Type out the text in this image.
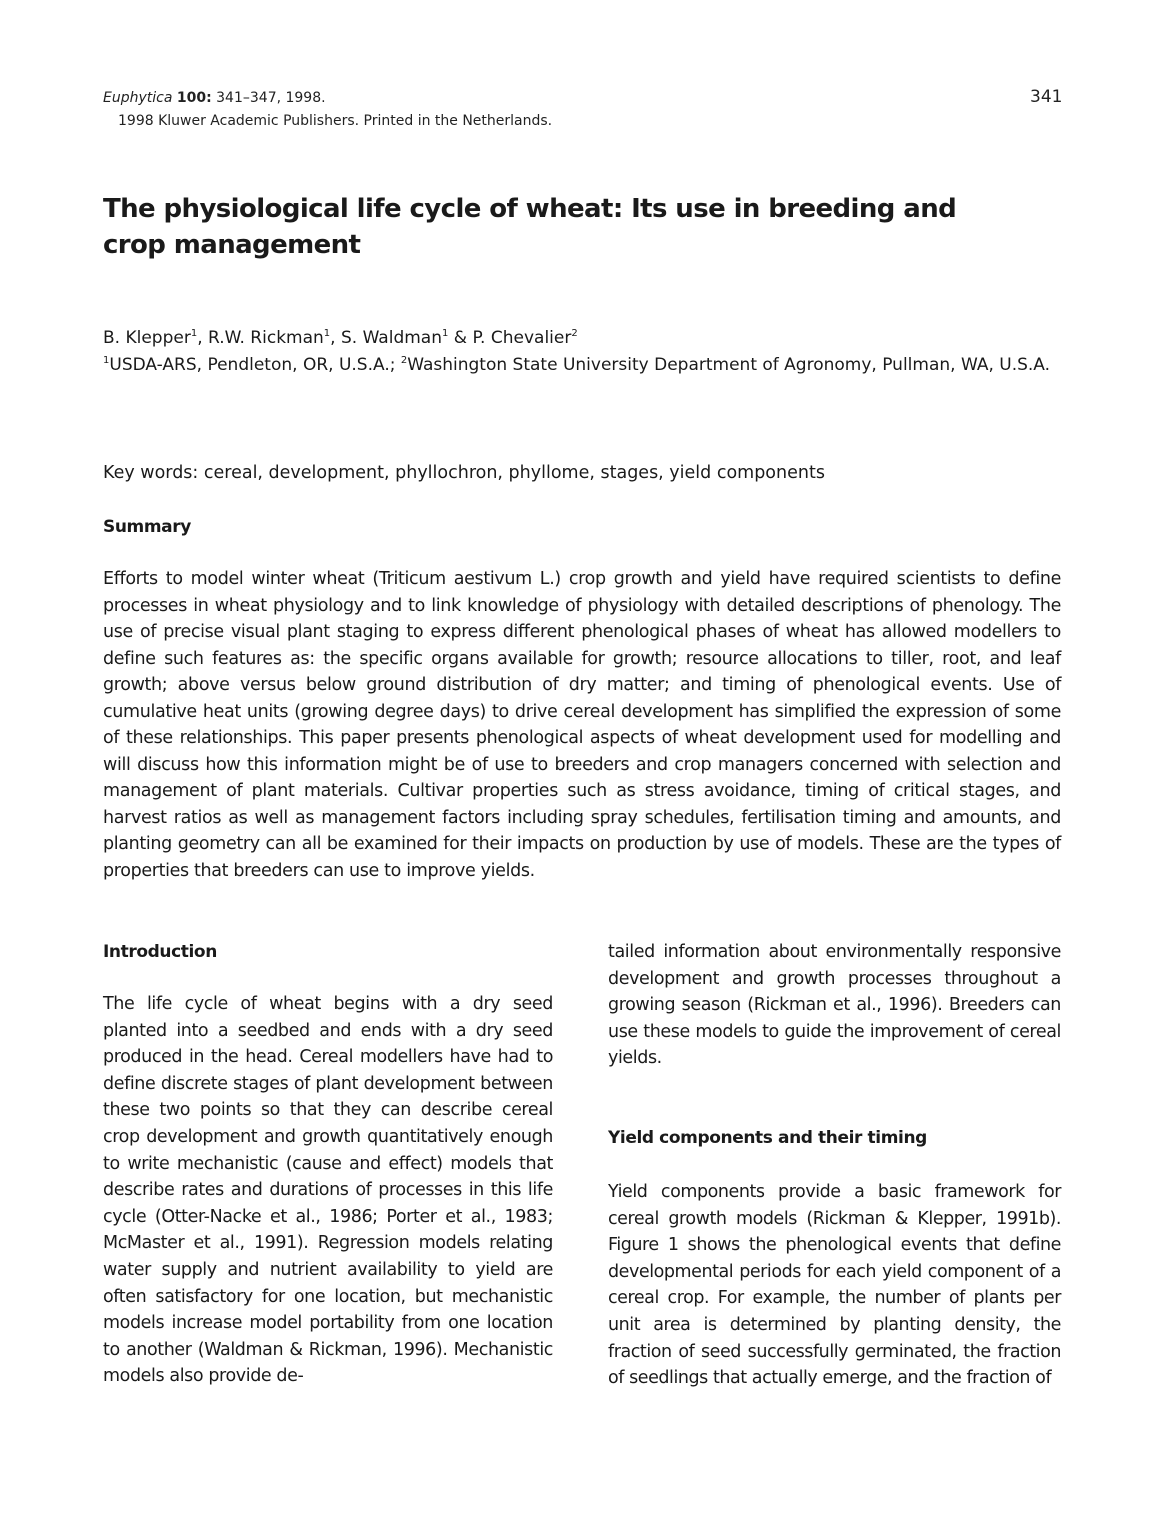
Euphytica 100: 341–347, 1998.
1998 Kluwer Academic Publishers. Printed in the Netherlands.
341
The physiological life cycle of wheat: Its use in breeding and crop management
B. Klepper$^1$, R.W. Rickman$^1$, S. Waldman$^1$ & P. Chevalier$^2$
$^1$USDA-ARS, Pendleton, OR, U.S.A.; $^2$Washington State University Department of Agronomy, Pullman, WA, U.S.A.
Key words: cereal, development, phyllochron, phyllome, stages, yield components
Summary

Efforts to model winter wheat (Triticum aestivum L.) crop growth and yield have required scientists to define processes in wheat physiology and to link knowledge of physiology with detailed descriptions of phenology. The use of precise visual plant staging to express different phenological phases of wheat has allowed modellers to define such features as: the specific organs available for growth; resource allocations to tiller, root, and leaf growth; above versus below ground distribution of dry matter; and timing of phenological events. Use of cumulative heat units (growing degree days) to drive cereal development has simplified the expression of some of these relationships. This paper presents phenological aspects of wheat development used for modelling and will discuss how this information might be of use to breeders and crop managers concerned with selection and management of plant materials. Cultivar properties such as stress avoidance, timing of critical stages, and harvest ratios as well as management factors including spray schedules, fertilisation timing and amounts, and planting geometry can all be examined for their impacts on production by use of models. These are the types of properties that breeders can use to improve yields.

Introduction

The life cycle of wheat begins with a dry seed planted into a seedbed and ends with a dry seed produced in the head. Cereal modellers have had to define discrete stages of plant development between these two points so that they can describe cereal crop development and growth quantitatively enough to write mechanistic (cause and effect) models that describe rates and durations of processes in this life cycle (Otter-Nacke et al., 1986; Porter et al., 1983; McMaster et al., 1991). Regression models relating water supply and nutrient availability to yield are often satisfactory for one location, but mechanistic models increase model portability from one location to another (Waldman & Rickman, 1996). Mechanistic models also provide de-

tailed information about environmentally responsive development and growth processes throughout a growing season (Rickman et al., 1996). Breeders can use these models to guide the improvement of cereal yields.

Yield components and their timing

Yield components provide a basic framework for cereal growth models (Rickman & Klepper, 1991b). Figure 1 shows the phenological events that define developmental periods for each yield component of a cereal crop. For example, the number of plants per unit area is determined by planting density, the fraction of seed successfully germinated, the fraction of seedlings that actually emerge, and the fraction of
